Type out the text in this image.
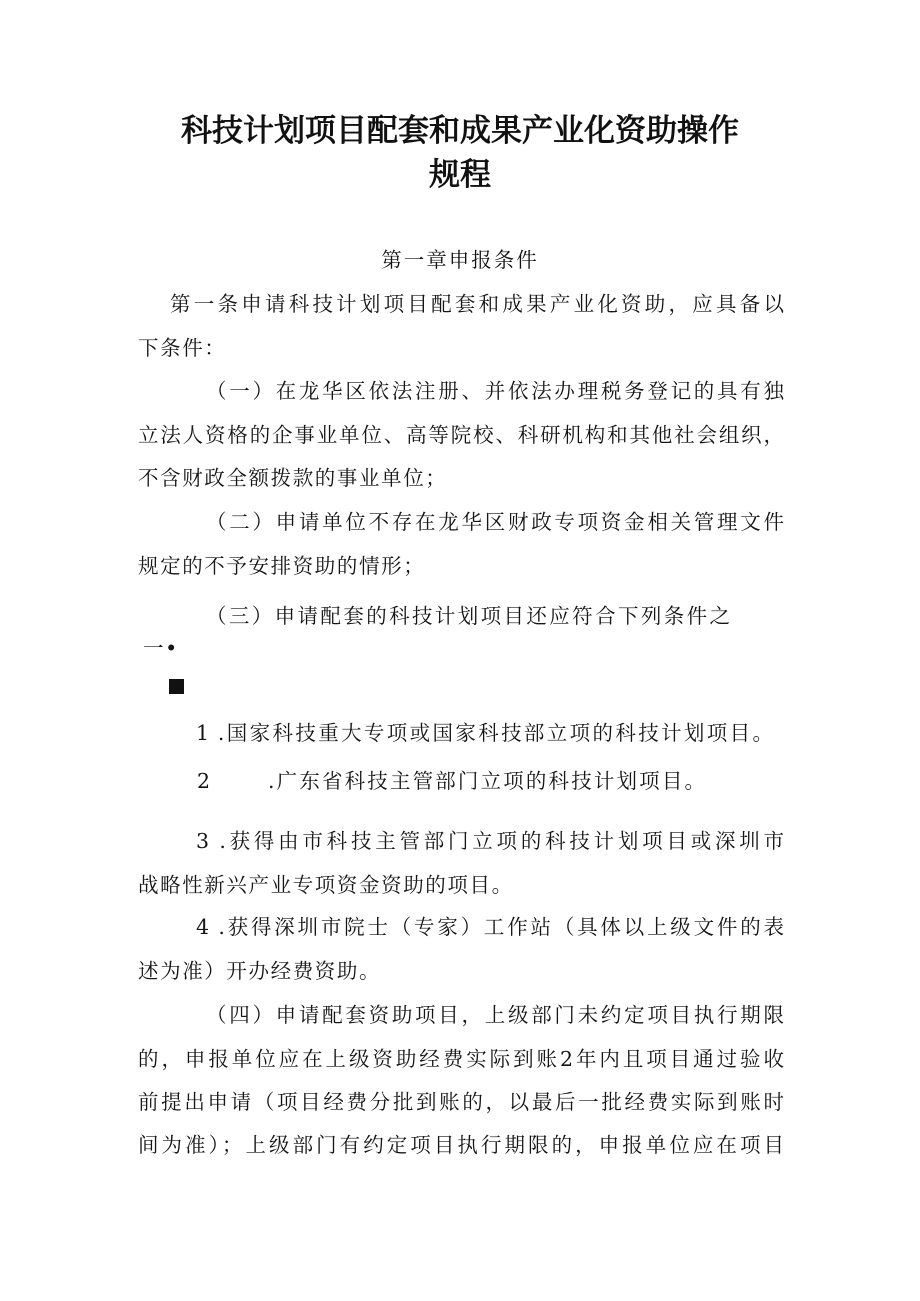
科技计划项目配套和成果产业化资助操作
规程
第一章申报条件
第一条申请科技计划项目配套和成果产业化资助，应具备以
下条件：
（一）在龙华区依法注册、并依法办理税务登记的具有独
立法人资格的企事业单位、高等院校、科研机构和其他社会组织，
不含财政全额拨款的事业单位；
（二）申请单位不存在龙华区财政专项资金相关管理文件
规定的不予安排资助的情形；
（三）申请配套的科技计划项目还应符合下列条件之
一•
1 .国家科技重大专项或国家科技部立项的科技计划项目。
2	.广东省科技主管部门立项的科技计划项目。
3 .获得由市科技主管部门立项的科技计划项目或深圳市
战略性新兴产业专项资金资助的项目。
4 .获得深圳市院士（专家）工作站（具体以上级文件的表
述为准）开办经费资助。
（四）申请配套资助项目，上级部门未约定项目执行期限
的，申报单位应在上级资助经费实际到账2年内且项目通过验收
前提出申请（项目经费分批到账的，以最后一批经费实际到账时
间为准）；上级部门有约定项目执行期限的，申报单位应在项目
